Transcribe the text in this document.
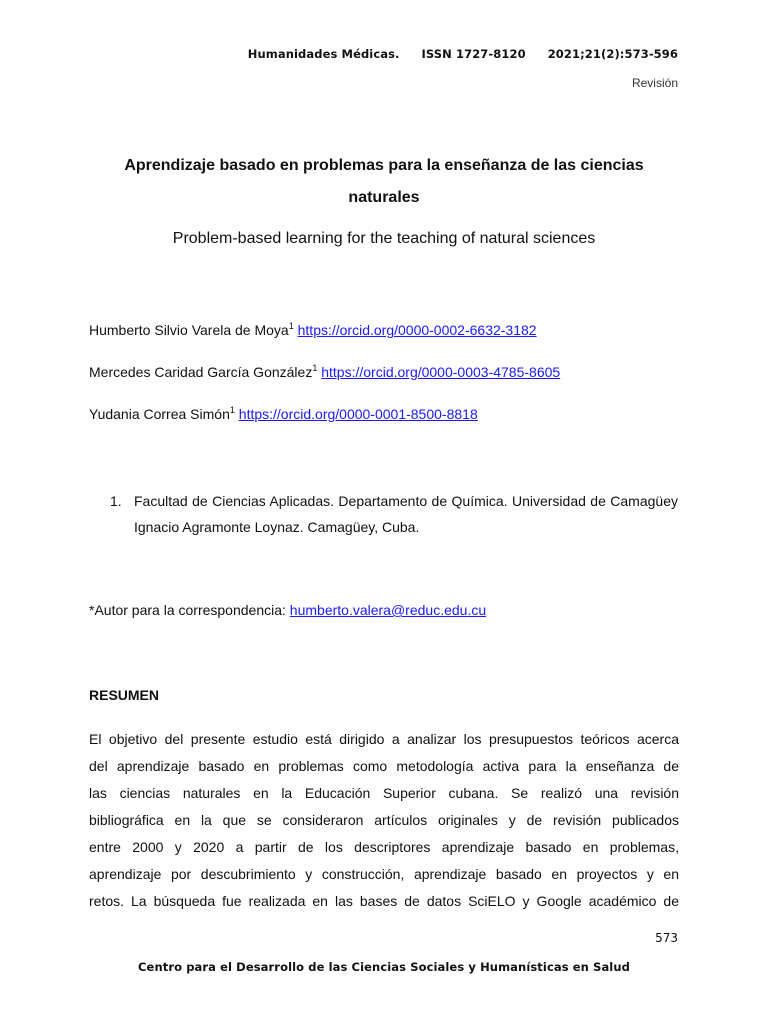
Humanidades Médicas. ISSN 1727-8120 2021;21(2):573-596
Revisión
Aprendizaje basado en problemas para la enseñanza de las ciencias
naturales
Problem-based learning for the teaching of natural sciences
Humberto Silvio Varela de Moya$^1$ https://orcid.org/0000-0002-6632-3182
Mercedes Caridad García González$^1$ https://orcid.org/0000-0003-4785-8605
Yudania Correa Simón$^1$ https://orcid.org/0000-0001-8500-8818
1. Facultad de Ciencias Aplicadas. Departamento de Química. Universidad de Camagüey Ignacio Agramonte Loynaz. Camagüey, Cuba.
*Autor para la correspondencia: humberto.valera@reduc.edu.cu
RESUMEN
El objetivo del presente estudio está dirigido a analizar los presupuestos teóricos acerca
del aprendizaje basado en problemas como metodología activa para la enseñanza de
las ciencias naturales en la Educación Superior cubana. Se realizó una revisión
bibliográfica en la que se consideraron artículos originales y de revisión publicados
entre 2000 y 2020 a partir de los descriptores aprendizaje basado en problemas,
aprendizaje por descubrimiento y construcción, aprendizaje basado en proyectos y en
retos. La búsqueda fue realizada en las bases de datos SciELO y Google académico de
573
Centro para el Desarrollo de las Ciencias Sociales y Humanísticas en Salud
